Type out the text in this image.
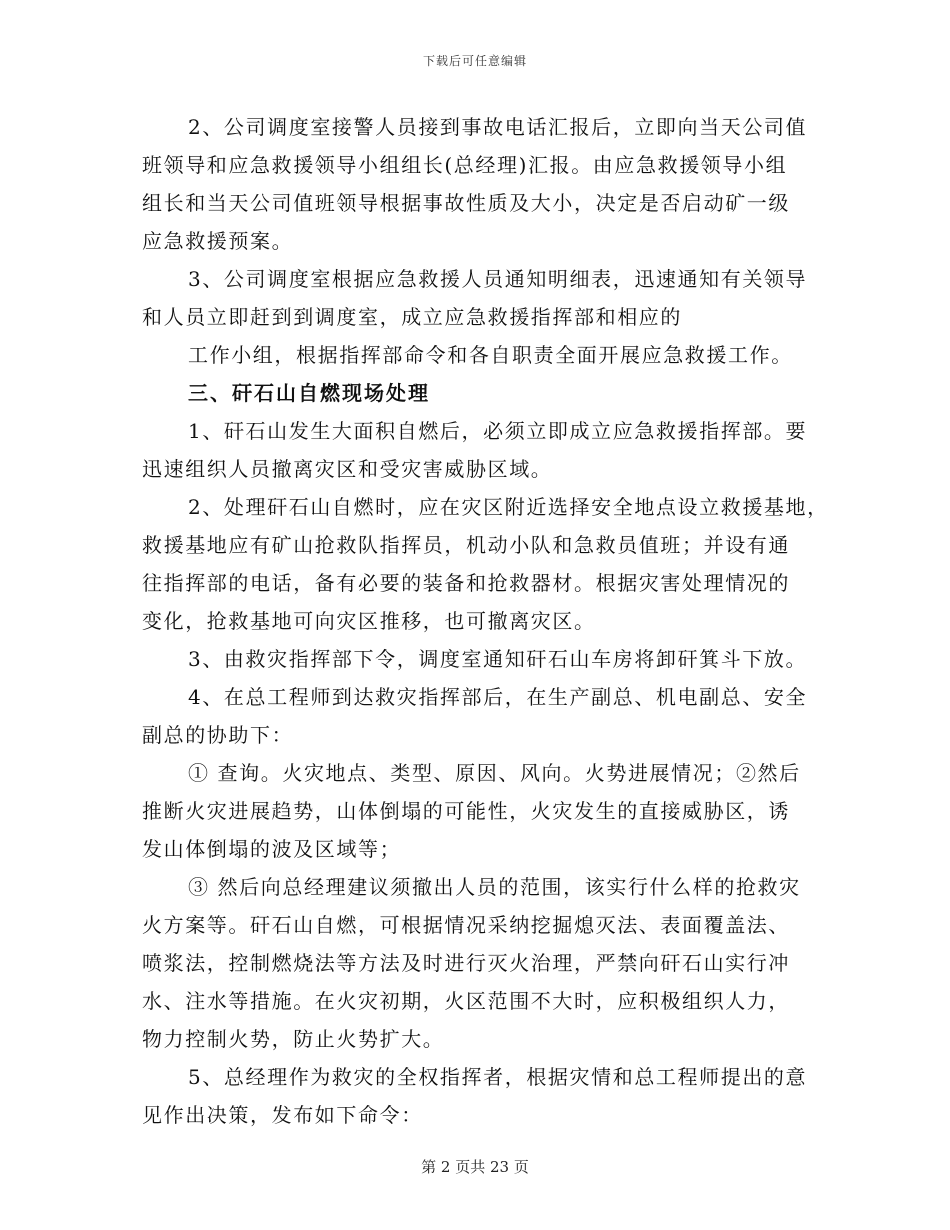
下载后可任意编辑
2、公司调度室接警人员接到事故电话汇报后，立即向当天公司值
班领导和应急救援领导小组组长(总经理)汇报。由应急救援领导小组
组长和当天公司值班领导根据事故性质及大小，决定是否启动矿一级
应急救援预案。
3、公司调度室根据应急救援人员通知明细表，迅速通知有关领导
和人员立即赶到到调度室，成立应急救援指挥部和相应的
工作小组，根据指挥部命令和各自职责全面开展应急救援工作。
三、矸石山自燃现场处理
1、矸石山发生大面积自燃后，必须立即成立应急救援指挥部。要
迅速组织人员撤离灾区和受灾害威胁区域。
2、处理矸石山自燃时，应在灾区附近选择安全地点设立救援基地，
救援基地应有矿山抢救队指挥员，机动小队和急救员值班；并设有通
往指挥部的电话，备有必要的装备和抢救器材。根据灾害处理情况的
变化，抢救基地可向灾区推移，也可撤离灾区。
3、由救灾指挥部下令，调度室通知矸石山车房将卸矸箕斗下放。
4、在总工程师到达救灾指挥部后，在生产副总、机电副总、安全
副总的协助下：
① 查询。火灾地点、类型、原因、风向。火势进展情况；②然后
推断火灾进展趋势，山体倒塌的可能性，火灾发生的直接威胁区，诱
发山体倒塌的波及区域等；
③ 然后向总经理建议须撤出人员的范围，该实行什么样的抢救灾
火方案等。矸石山自燃，可根据情况采纳挖掘熄灭法、表面覆盖法、
喷浆法，控制燃烧法等方法及时进行灭火治理，严禁向矸石山实行冲
水、注水等措施。在火灾初期，火区范围不大时，应积极组织人力，
物力控制火势，防止火势扩大。
5、总经理作为救灾的全权指挥者，根据灾情和总工程师提出的意
见作出决策，发布如下命令：
第 2 页共 23 页
